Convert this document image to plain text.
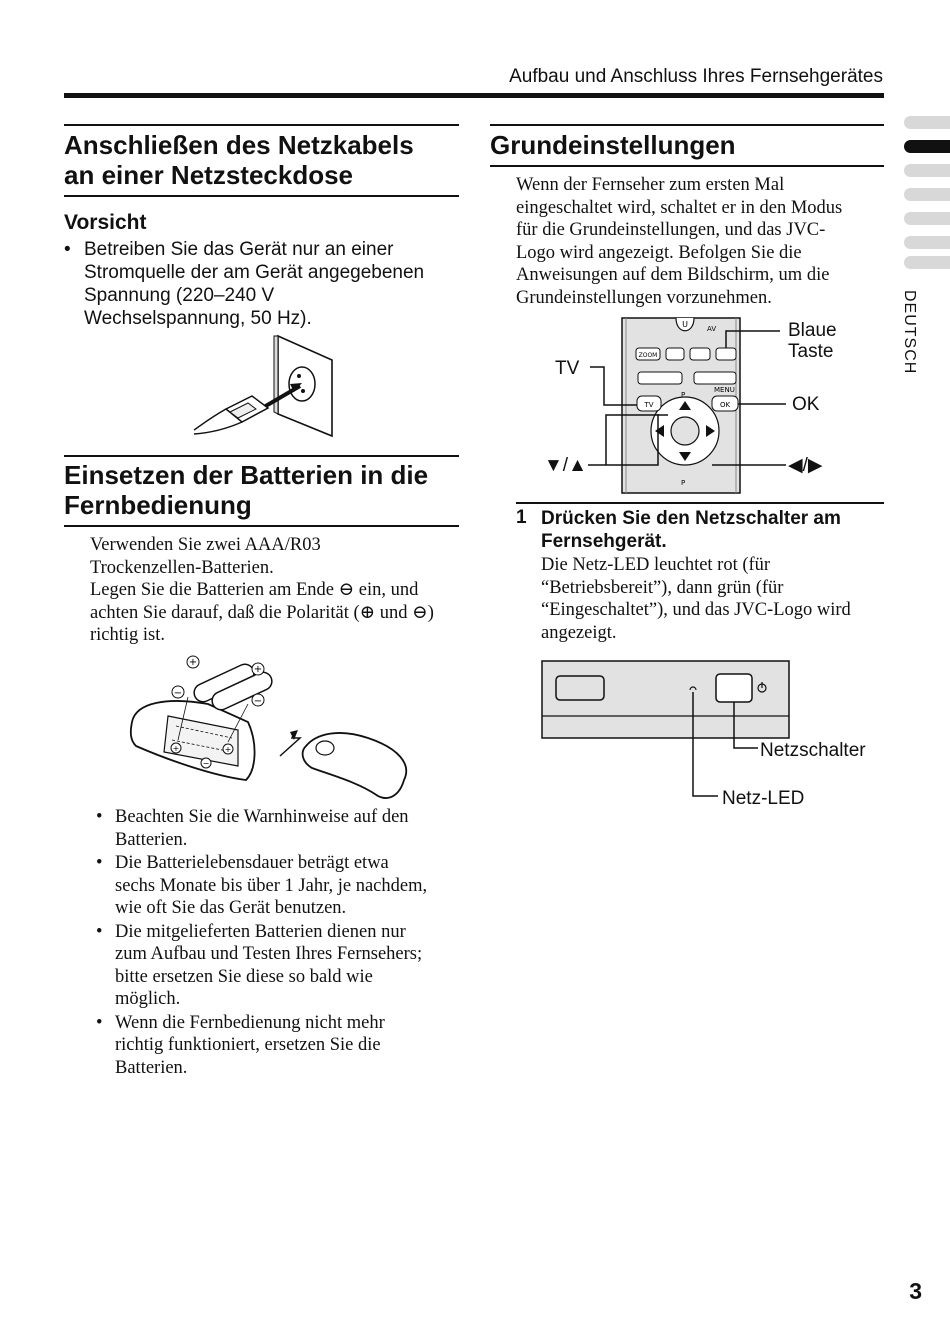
Aufbau und Anschluss Ihres Fernsehgerätes
DEUTSCH
Anschließen des Netzkabels
an einer Netzsteckdose
Vorsicht
• Betreiben Sie das Gerät nur an einer
Stromquelle der am Gerät angegebenen
Spannung (220–240 V
Wechselspannung, 50 Hz).
Einsetzen der Batterien in die
Fernbedienung
Verwenden Sie zwei AAA/R03
Trockenzellen-Batterien.
Legen Sie die Batterien am Ende ⊖ ein, und
achten Sie darauf, daß die Polarität (⊕ und ⊖)
richtig ist.
+	+
−
+
+
−
−
• Beachten Sie die Warnhinweise auf den
Batterien.
• Die Batterielebensdauer beträgt etwa
sechs Monate bis über 1 Jahr, je nachdem,
wie oft Sie das Gerät benutzen.
• Die mitgelieferten Batterien dienen nur
zum Aufbau und Testen Ihres Fernsehers;
bitte ersetzen Sie diese so bald wie
möglich.
• Wenn die Fernbedienung nicht mehr
richtig funktioniert, ersetzen Sie die
Batterien.
Grundeinstellungen
Wenn der Fernseher zum ersten Mal
eingeschaltet wird, schaltet er in den Modus
für die Grundeinstellungen, und das JVC-
Logo wird angezeigt. Befolgen Sie die
Anweisungen auf dem Bildschirm, um die
Grundeinstellungen vorzunehmen.
U	AV
ZOOM
MENU
P
P
TV	OK
Blaue
Taste
TV
OK
▼/▲	◀/▶
1 Drücken Sie den Netzschalter am
Fernsehgerät.
Die Netz-LED leuchtet rot (für
“Betriebsbereit”), dann grün (für
“Eingeschaltet”), und das JVC-Logo wird
angezeigt.
Netzschalter
Netz-LED
3
